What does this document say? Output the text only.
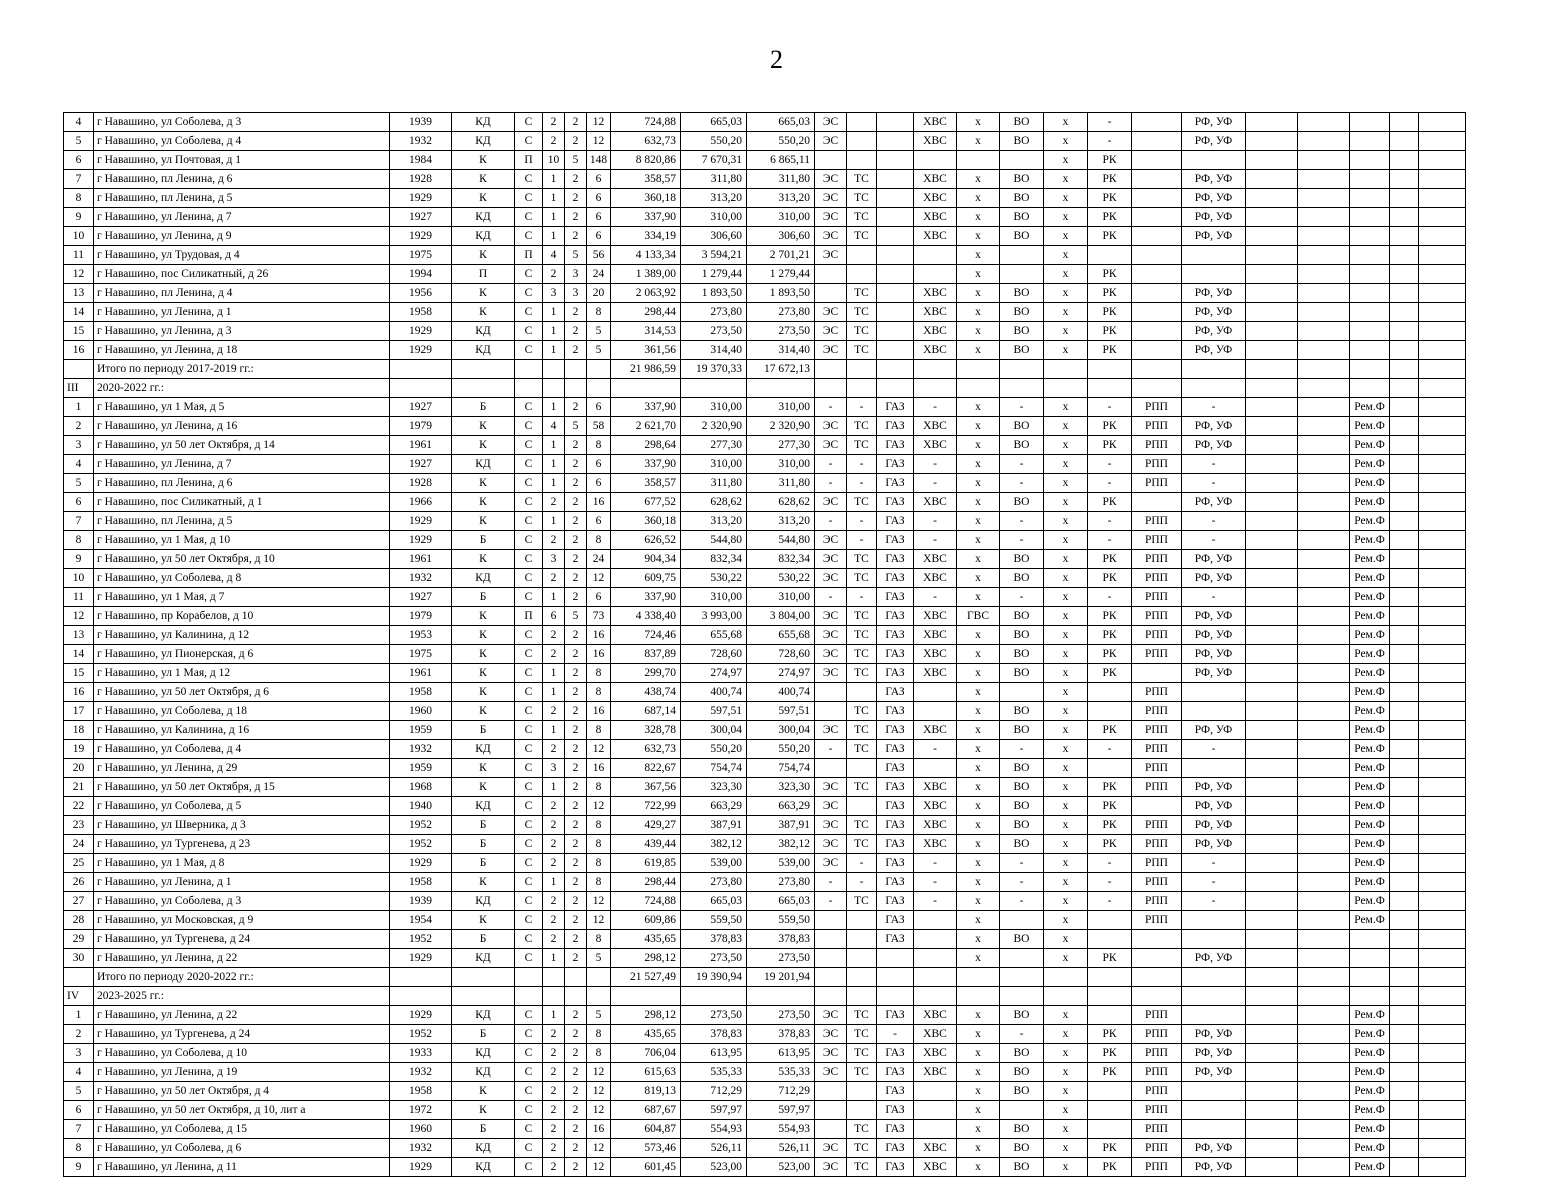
2
4	г Навашино, ул Соболева, д 3	1939	КД	С	2	2	12	724,88	665,03	665,03	ЭС			ХВС	х	ВО	х	-		РФ, УФ					
5	г Навашино, ул Соболева, д 4	1932	КД	С	2	2	12	632,73	550,20	550,20	ЭС			ХВС	х	ВО	х	-		РФ, УФ					
6	г Навашино, ул Почтовая, д 1	1984	К	П	10	5	148	8 820,86	7 670,31	6 865,11							х	РК							
7	г Навашино, пл Ленина, д 6	1928	К	С	1	2	6	358,57	311,80	311,80	ЭС	ТС		ХВС	х	ВО	х	РК		РФ, УФ					
8	г Навашино, пл Ленина, д 5	1929	К	С	1	2	6	360,18	313,20	313,20	ЭС	ТС		ХВС	х	ВО	х	РК		РФ, УФ					
9	г Навашино, ул Ленина, д 7	1927	КД	С	1	2	6	337,90	310,00	310,00	ЭС	ТС		ХВС	х	ВО	х	РК		РФ, УФ					
10	г Навашино, ул Ленина, д 9	1929	КД	С	1	2	6	334,19	306,60	306,60	ЭС	ТС		ХВС	х	ВО	х	РК		РФ, УФ					
11	г Навашино, ул Трудовая, д 4	1975	К	П	4	5	56	4 133,34	3 594,21	2 701,21	ЭС				х		х								
12	г Навашино, пос Силикатный, д 26	1994	П	С	2	3	24	1 389,00	1 279,44	1 279,44					х		х	РК							
13	г Навашино, пл Ленина, д 4	1956	К	С	3	3	20	2 063,92	1 893,50	1 893,50		ТС		ХВС	х	ВО	х	РК		РФ, УФ					
14	г Навашино, ул Ленина, д 1	1958	К	С	1	2	8	298,44	273,80	273,80	ЭС	ТС		ХВС	х	ВО	х	РК		РФ, УФ					
15	г Навашино, ул Ленина, д 3	1929	КД	С	1	2	5	314,53	273,50	273,50	ЭС	ТС		ХВС	х	ВО	х	РК		РФ, УФ					
16	г Навашино, ул Ленина, д 18	1929	КД	С	1	2	5	361,56	314,40	314,40	ЭС	ТС		ХВС	х	ВО	х	РК		РФ, УФ					
	Итого по периоду 2017-2019 гг.:							21 986,59	19 370,33	17 672,13															
III	2020-2022 гг.:																								
1	г Навашино, ул 1 Мая, д 5	1927	Б	С	1	2	6	337,90	310,00	310,00	-	-	ГАЗ	-	х	-	х	-	РПП	-			Рем.Ф		
2	г Навашино, ул Ленина, д 16	1979	К	С	4	5	58	2 621,70	2 320,90	2 320,90	ЭС	ТС	ГАЗ	ХВС	х	ВО	х	РК	РПП	РФ, УФ			Рем.Ф		
3	г Навашино, ул 50 лет Октября, д 14	1961	К	С	1	2	8	298,64	277,30	277,30	ЭС	ТС	ГАЗ	ХВС	х	ВО	х	РК	РПП	РФ, УФ			Рем.Ф		
4	г Навашино, ул Ленина, д 7	1927	КД	С	1	2	6	337,90	310,00	310,00	-	-	ГАЗ	-	х	-	х	-	РПП	-			Рем.Ф		
5	г Навашино, пл Ленина, д 6	1928	К	С	1	2	6	358,57	311,80	311,80	-	-	ГАЗ	-	х	-	х	-	РПП	-			Рем.Ф		
6	г Навашино, пос Силикатный, д 1	1966	К	С	2	2	16	677,52	628,62	628,62	ЭС	ТС	ГАЗ	ХВС	х	ВО	х	РК		РФ, УФ			Рем.Ф		
7	г Навашино, пл Ленина, д 5	1929	К	С	1	2	6	360,18	313,20	313,20	-	-	ГАЗ	-	х	-	х	-	РПП	-			Рем.Ф		
8	г Навашино, ул 1 Мая, д 10	1929	Б	С	2	2	8	626,52	544,80	544,80	ЭС	-	ГАЗ	-	х	-	х	-	РПП	-			Рем.Ф		
9	г Навашино, ул 50 лет Октября, д 10	1961	К	С	3	2	24	904,34	832,34	832,34	ЭС	ТС	ГАЗ	ХВС	х	ВО	х	РК	РПП	РФ, УФ			Рем.Ф		
10	г Навашино, ул Соболева, д 8	1932	КД	С	2	2	12	609,75	530,22	530,22	ЭС	ТС	ГАЗ	ХВС	х	ВО	х	РК	РПП	РФ, УФ			Рем.Ф		
11	г Навашино, ул 1 Мая, д 7	1927	Б	С	1	2	6	337,90	310,00	310,00	-	-	ГАЗ	-	х	-	х	-	РПП	-			Рем.Ф		
12	г Навашино, пр Корабелов, д 10	1979	К	П	6	5	73	4 338,40	3 993,00	3 804,00	ЭС	ТС	ГАЗ	ХВС	ГВС	ВО	х	РК	РПП	РФ, УФ			Рем.Ф		
13	г Навашино, ул Калинина, д 12	1953	К	С	2	2	16	724,46	655,68	655,68	ЭС	ТС	ГАЗ	ХВС	х	ВО	х	РК	РПП	РФ, УФ			Рем.Ф		
14	г Навашино, ул Пионерская, д 6	1975	К	С	2	2	16	837,89	728,60	728,60	ЭС	ТС	ГАЗ	ХВС	х	ВО	х	РК	РПП	РФ, УФ			Рем.Ф		
15	г Навашино, ул 1 Мая, д 12	1961	К	С	1	2	8	299,70	274,97	274,97	ЭС	ТС	ГАЗ	ХВС	х	ВО	х	РК		РФ, УФ			Рем.Ф		
16	г Навашино, ул 50 лет Октября, д 6	1958	К	С	1	2	8	438,74	400,74	400,74			ГАЗ		х		х		РПП				Рем.Ф		
17	г Навашино, ул Соболева, д 18	1960	К	С	2	2	16	687,14	597,51	597,51		ТС	ГАЗ		х	ВО	х		РПП				Рем.Ф		
18	г Навашино, ул Калинина, д 16	1959	Б	С	1	2	8	328,78	300,04	300,04	ЭС	ТС	ГАЗ	ХВС	х	ВО	х	РК	РПП	РФ, УФ			Рем.Ф		
19	г Навашино, ул Соболева, д 4	1932	КД	С	2	2	12	632,73	550,20	550,20	-	ТС	ГАЗ	-	х	-	х	-	РПП	-			Рем.Ф		
20	г Навашино, ул Ленина, д 29	1959	К	С	3	2	16	822,67	754,74	754,74			ГАЗ		х	ВО	х		РПП				Рем.Ф		
21	г Навашино, ул 50 лет Октября, д 15	1968	К	С	1	2	8	367,56	323,30	323,30	ЭС	ТС	ГАЗ	ХВС	х	ВО	х	РК	РПП	РФ, УФ			Рем.Ф		
22	г Навашино, ул Соболева, д 5	1940	КД	С	2	2	12	722,99	663,29	663,29	ЭС		ГАЗ	ХВС	х	ВО	х	РК		РФ, УФ			Рем.Ф		
23	г Навашино, ул Шверника, д 3	1952	Б	С	2	2	8	429,27	387,91	387,91	ЭС	ТС	ГАЗ	ХВС	х	ВО	х	РК	РПП	РФ, УФ			Рем.Ф		
24	г Навашино, ул Тургенева, д 23	1952	Б	С	2	2	8	439,44	382,12	382,12	ЭС	ТС	ГАЗ	ХВС	х	ВО	х	РК	РПП	РФ, УФ			Рем.Ф		
25	г Навашино, ул 1 Мая, д 8	1929	Б	С	2	2	8	619,85	539,00	539,00	ЭС	-	ГАЗ	-	х	-	х	-	РПП	-			Рем.Ф		
26	г Навашино, ул Ленина, д 1	1958	К	С	1	2	8	298,44	273,80	273,80	-	-	ГАЗ	-	х	-	х	-	РПП	-			Рем.Ф		
27	г Навашино, ул Соболева, д 3	1939	КД	С	2	2	12	724,88	665,03	665,03	-	ТС	ГАЗ	-	х	-	х	-	РПП	-			Рем.Ф		
28	г Навашино, ул Московская, д 9	1954	К	С	2	2	12	609,86	559,50	559,50			ГАЗ		х		х		РПП				Рем.Ф		
29	г Навашино, ул Тургенева, д 24	1952	Б	С	2	2	8	435,65	378,83	378,83			ГАЗ		х	ВО	х								
30	г Навашино, ул Ленина, д 22	1929	КД	С	1	2	5	298,12	273,50	273,50					х		х	РК		РФ, УФ					
	Итого по периоду 2020-2022 гг.:							21 527,49	19 390,94	19 201,94															
IV	2023-2025 гг.:																								
1	г Навашино, ул Ленина, д 22	1929	КД	С	1	2	5	298,12	273,50	273,50	ЭС	ТС	ГАЗ	ХВС	х	ВО	х		РПП				Рем.Ф		
2	г Навашино, ул Тургенева, д 24	1952	Б	С	2	2	8	435,65	378,83	378,83	ЭС	ТС	-	ХВС	х	-	х	РК	РПП	РФ, УФ			Рем.Ф		
3	г Навашино, ул Соболева, д 10	1933	КД	С	2	2	8	706,04	613,95	613,95	ЭС	ТС	ГАЗ	ХВС	х	ВО	х	РК	РПП	РФ, УФ			Рем.Ф		
4	г Навашино, ул Ленина, д 19	1932	КД	С	2	2	12	615,63	535,33	535,33	ЭС	ТС	ГАЗ	ХВС	х	ВО	х	РК	РПП	РФ, УФ			Рем.Ф		
5	г Навашино, ул 50 лет Октября, д 4	1958	К	С	2	2	12	819,13	712,29	712,29			ГАЗ		х	ВО	х		РПП				Рем.Ф		
6	г Навашино, ул 50 лет Октября, д 10, лит а	1972	К	С	2	2	12	687,67	597,97	597,97			ГАЗ		х		х		РПП				Рем.Ф		
7	г Навашино, ул Соболева, д 15	1960	Б	С	2	2	16	604,87	554,93	554,93		ТС	ГАЗ		х	ВО	х		РПП				Рем.Ф		
8	г Навашино, ул Соболева, д 6	1932	КД	С	2	2	12	573,46	526,11	526,11	ЭС	ТС	ГАЗ	ХВС	х	ВО	х	РК	РПП	РФ, УФ			Рем.Ф		
9	г Навашино, ул Ленина, д 11	1929	КД	С	2	2	12	601,45	523,00	523,00	ЭС	ТС	ГАЗ	ХВС	х	ВО	х	РК	РПП	РФ, УФ			Рем.Ф		
